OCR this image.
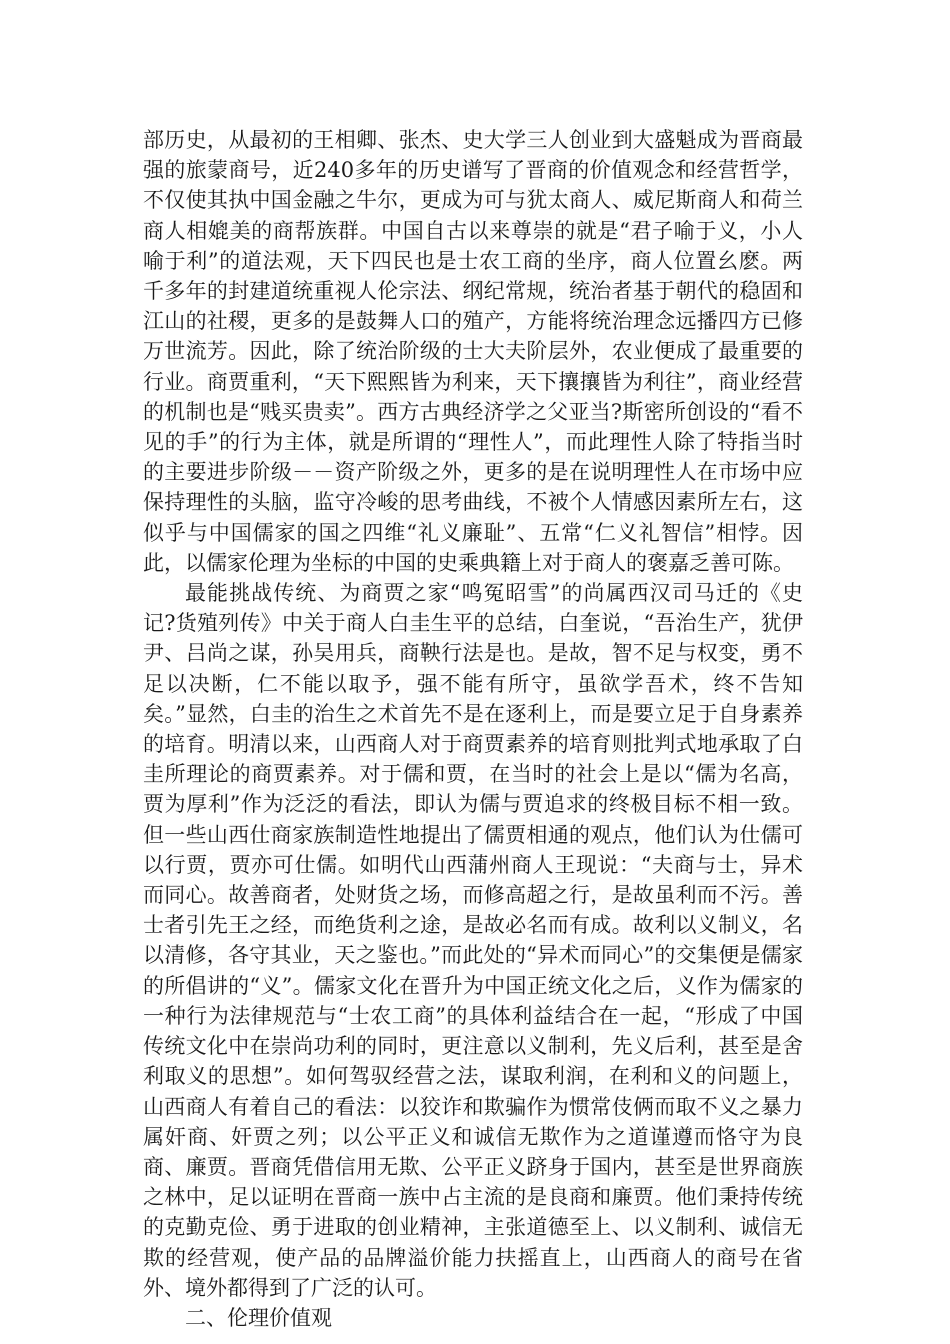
部历史，从最初的王相卿、张杰、史大学三人创业到大盛魁成为晋商最强的旅蒙商号，近240多年的历史谱写了晋商的价值观念和经营哲学，不仅使其执中国金融之牛尔，更成为可与犹太商人、威尼斯商人和荷兰商人相媲美的商帮族群。中国自古以来尊崇的就是“君子喻于义，小人喻于利”的道法观，天下四民也是士农工商的坐序，商人位置幺麽。两千多年的封建道统重视人伦宗法、纲纪常规，统治者基于朝代的稳固和江山的社稷，更多的是鼓舞人口的殖产，方能将统治理念远播四方已修万世流芳。因此，除了统治阶级的士大夫阶层外，农业便成了最重要的行业。商贾重利，“天下熙熙皆为利来，天下攘攘皆为利往”，商业经营的机制也是“贱买贵卖”。西方古典经济学之父亚当?斯密所创设的“看不见的手”的行为主体，就是所谓的“理性人”，而此理性人除了特指当时的主要进步阶级－－资产阶级之外，更多的是在说明理性人在市场中应保持理性的头脑，监守冷峻的思考曲线，不被个人情感因素所左右，这似乎与中国儒家的国之四维“礼义廉耻”、五常“仁义礼智信”相悖。因此，以儒家伦理为坐标的中国的史乘典籍上对于商人的褒嘉乏善可陈。

最能挑战传统、为商贾之家“鸣冤昭雪”的尚属西汉司马迁的《史记?货殖列传》中关于商人白圭生平的总结，白奎说，“吾治生产，犹伊尹、吕尚之谋，孙吴用兵，商鞅行法是也。是故，智不足与权变，勇不足以决断，仁不能以取予，强不能有所守，虽欲学吾术，终不告知矣。”显然，白圭的治生之术首先不是在逐利上，而是要立足于自身素养的培育。明清以来，山西商人对于商贾素养的培育则批判式地承取了白圭所理论的商贾素养。对于儒和贾，在当时的社会上是以“儒为名高，贾为厚利”作为泛泛的看法，即认为儒与贾追求的终极目标不相一致。但一些山西仕商家族制造性地提出了儒贾相通的观点，他们认为仕儒可以行贾，贾亦可仕儒。如明代山西蒲州商人王现说：“夫商与士，异术而同心。故善商者，处财货之场，而修高超之行，是故虽利而不污。善士者引先王之经，而绝货利之途，是故必名而有成。故利以义制义，名以清修，各守其业，天之鉴也。”而此处的“异术而同心”的交集便是儒家的所倡讲的“义”。儒家文化在晋升为中国正统文化之后，义作为儒家的一种行为法律规范与“士农工商”的具体利益结合在一起，“形成了中国传统文化中在崇尚功利的同时，更注意以义制利，先义后利，甚至是舍利取义的思想”。如何驾驭经营之法，谋取利润，在利和义的问题上，山西商人有着自己的看法：以狡诈和欺骗作为惯常伎俩而取不义之暴力属奸商、奸贾之列；以公平正义和诚信无欺作为之道谨遵而恪守为良商、廉贾。晋商凭借信用无欺、公平正义跻身于国内，甚至是世界商族之林中，足以证明在晋商一族中占主流的是良商和廉贾。他们秉持传统的克勤克俭、勇于进取的创业精神，主张道德至上、以义制利、诚信无欺的经营观，使产品的品牌溢价能力扶摇直上，山西商人的商号在省外、境外都得到了广泛的认可。

二、伦理价值观
